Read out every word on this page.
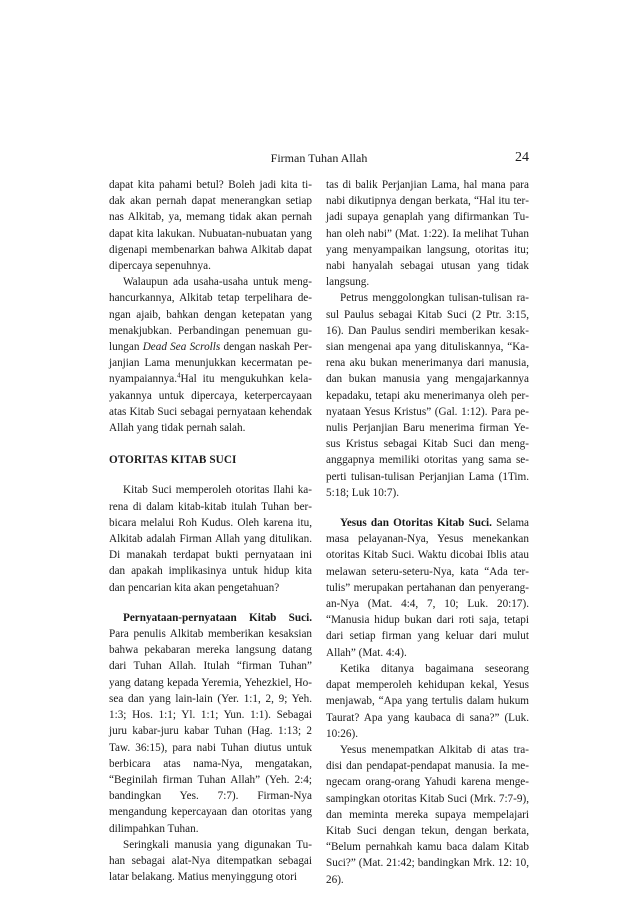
Firman Tuhan Allah	24

dapat kita pahami betul? Boleh jadi kita tidak akan pernah dapat menerangkan setiap nas Alkitab, ya, memang tidak akan pernah dapat kita lakukan. Nubuatan-nubuatan yang digenapi membenarkan bahwa Alkitab dapat dipercaya sepenuhnya.

Walaupun ada usaha-usaha untuk menghancurkannya, Alkitab tetap terpelihara dengan ajaib, bahkan dengan ketepatan yang menakjubkan. Perbandingan penemuan gulungan Dead Sea Scrolls dengan naskah Perjanjian Lama menunjukkan kecermatan penyampaiannya.$^4$Hal itu mengukuhkan kelayakannya untuk dipercaya, keterpercayaan atas Kitab Suci sebagai pernyataan kehendak Allah yang tidak pernah salah.

OTORITAS KITAB SUCI

Kitab Suci memperoleh otoritas Ilahi karena di dalam kitab-kitab itulah Tuhan berbicara melalui Roh Kudus. Oleh karena itu, Alkitab adalah Firman Allah yang ditulikan. Di manakah terdapat bukti pernyataan ini dan apakah implikasinya untuk hidup kita dan pencarian kita akan pengetahuan?

Pernyataan-pernyataan Kitab Suci. Para penulis Alkitab memberikan kesaksian bahwa pekabaran mereka langsung datang dari Tuhan Allah. Itulah “firman Tuhan” yang datang kepada Yeremia, Yehezkiel, Hosea dan yang lain-lain (Yer. 1:1, 2, 9; Yeh. 1:3; Hos. 1:1; Yl. 1:1; Yun. 1:1). Sebagai juru kabar-juru kabar Tuhan (Hag. 1:13; 2 Taw. 36:15), para nabi Tuhan diutus untuk berbicara atas nama-Nya, mengatakan, “Beginilah firman Tuhan Allah” (Yeh. 2:4; bandingkan Yes. 7:7). Firman-Nya mengandung kepercayaan dan otoritas yang dilimpahkan Tuhan.

Seringkali manusia yang digunakan Tuhan sebagai alat-Nya ditempatkan sebagai latar belakang. Matius menyinggung otori

tas di balik Perjanjian Lama, hal mana para nabi dikutipnya dengan berkata, “Hal itu terjadi supaya genaplah yang difirmankan Tuhan oleh nabi” (Mat. 1:22). Ia melihat Tuhan yang menyampaikan langsung, otoritas itu; nabi hanyalah sebagai utusan yang tidak langsung.

Petrus menggolongkan tulisan-tulisan rasul Paulus sebagai Kitab Suci (2 Ptr. 3:15, 16). Dan Paulus sendiri memberikan kesaksian mengenai apa yang dituliskannya, “Karena aku bukan menerimanya dari manusia, dan bukan manusia yang mengajarkannya kepadaku, tetapi aku menerimanya oleh pernyataan Yesus Kristus” (Gal. 1:12). Para penulis Perjanjian Baru menerima firman Yesus Kristus sebagai Kitab Suci dan menganggapnya memiliki otoritas yang sama seperti tulisan-tulisan Perjanjian Lama (1Tim. 5:18; Luk 10:7).

Yesus dan Otoritas Kitab Suci. Selama masa pelayanan-Nya, Yesus menekankan otoritas Kitab Suci. Waktu dicobai Iblis atau melawan seteru-seteru-Nya, kata “Ada tertulis” merupakan pertahanan dan penyerangan-Nya (Mat. 4:4, 7, 10; Luk. 20:17). “Manusia hidup bukan dari roti saja, tetapi dari setiap firman yang keluar dari mulut Allah” (Mat. 4:4).

Ketika ditanya bagaimana seseorang dapat memperoleh kehidupan kekal, Yesus menjawab, “Apa yang tertulis dalam hukum Taurat? Apa yang kaubaca di sana?” (Luk. 10:26).

Yesus menempatkan Alkitab di atas tradisi dan pendapat-pendapat manusia. Ia mengecam orang-orang Yahudi karena mengesampingkan otoritas Kitab Suci (Mrk. 7:7-9), dan meminta mereka supaya mempelajari Kitab Suci dengan tekun, dengan berkata, “Belum pernahkah kamu baca dalam Kitab Suci?” (Mat. 21:42; bandingkan Mrk. 12: 10, 26).
